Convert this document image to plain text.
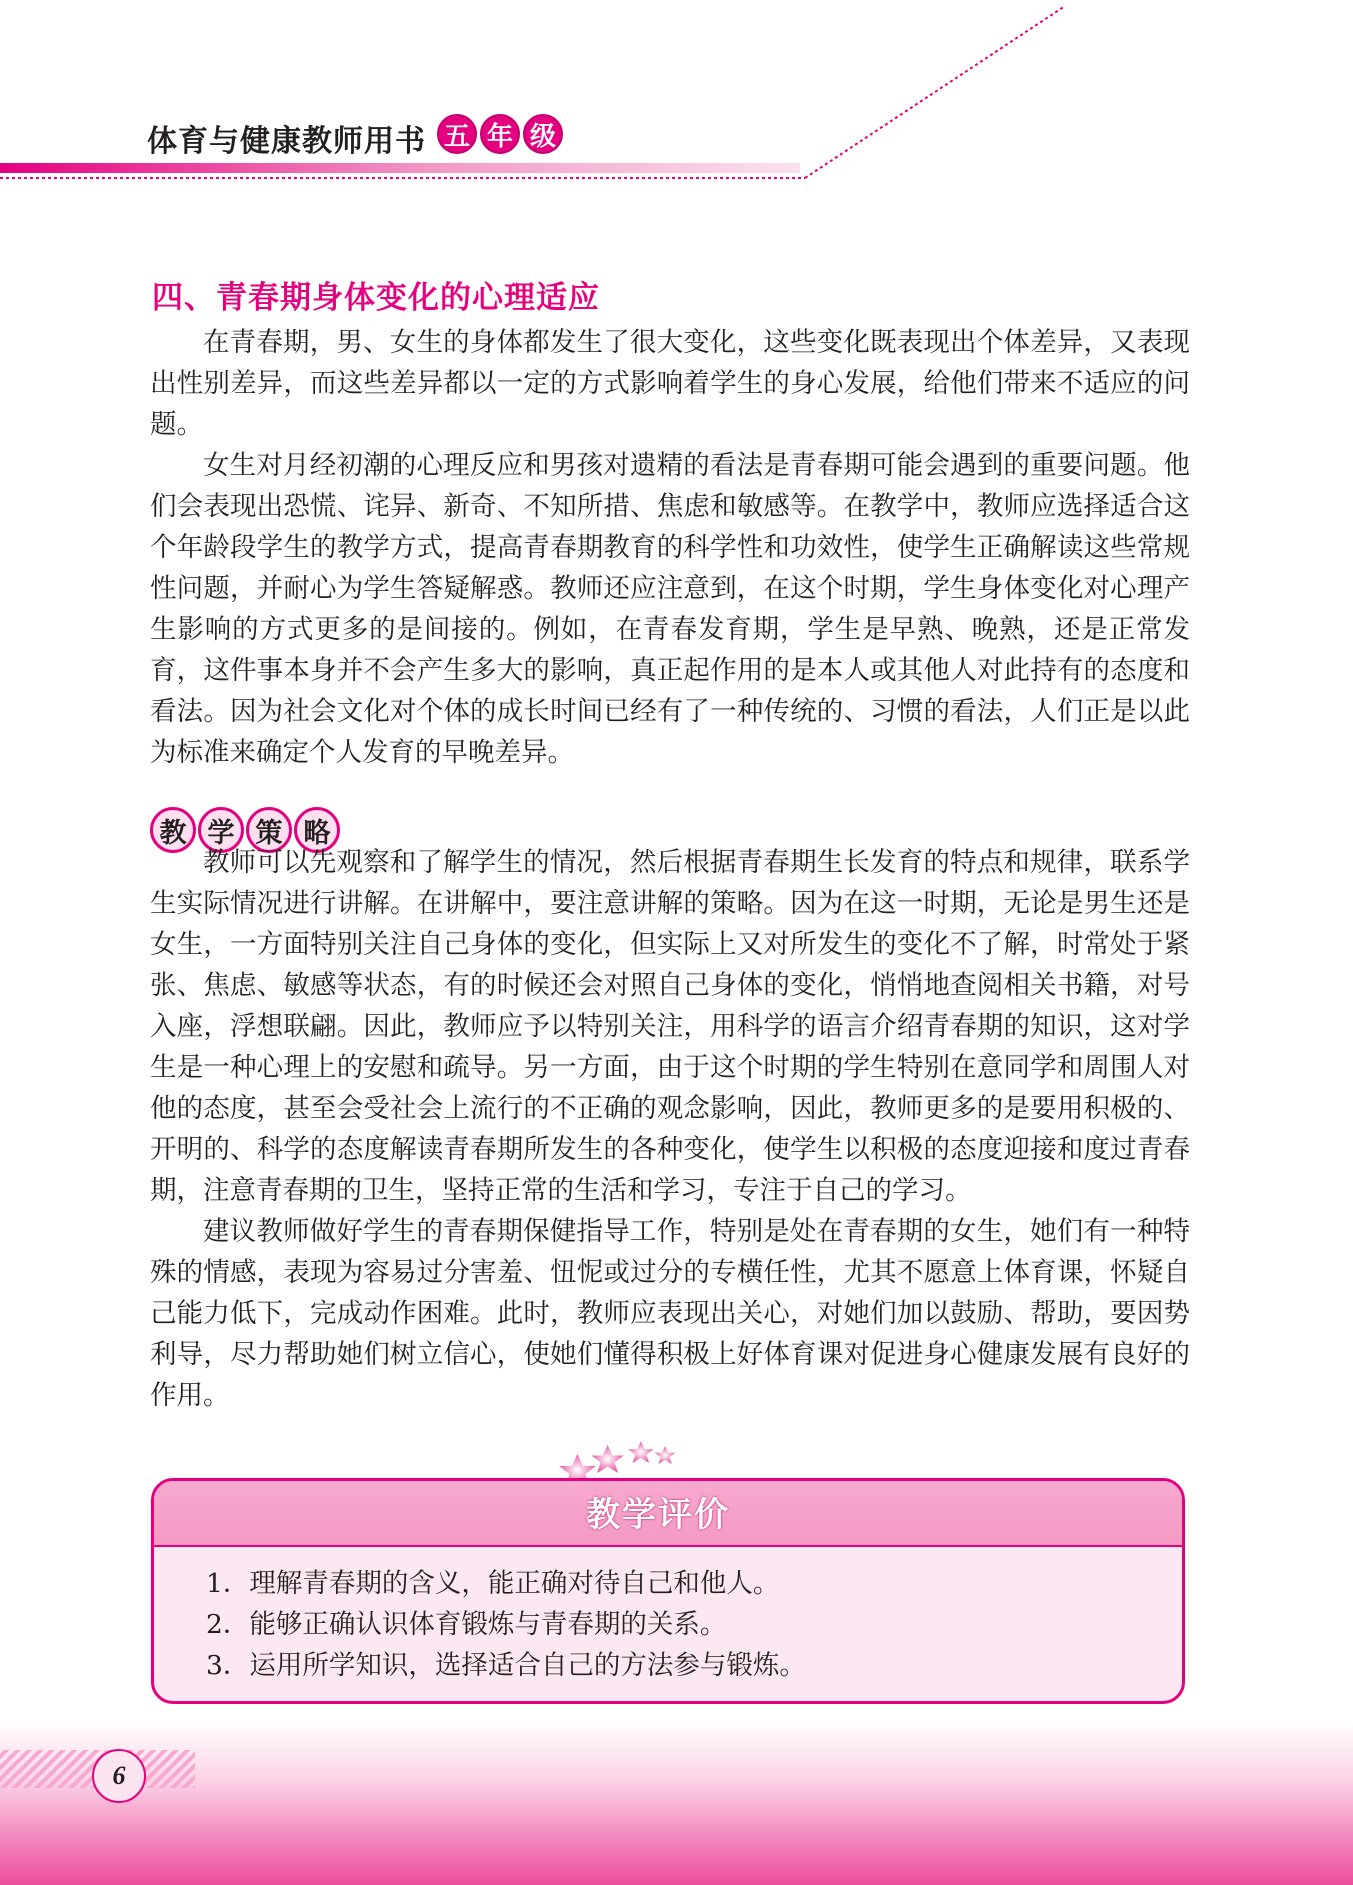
体育与健康教师用书 五 年 级
四、青春期身体变化的心理适应

在青春期，男、女生的身体都发生了很大变化，这些变化既表现出个体差异，又表现出性别差异，而这些差异都以一定的方式影响着学生的身心发展，给他们带来不适应的问题。

女生对月经初潮的心理反应和男孩对遗精的看法是青春期可能会遇到的重要问题。他们会表现出恐慌、诧异、新奇、不知所措、焦虑和敏感等。在教学中，教师应选择适合这个年龄段学生的教学方式，提高青春期教育的科学性和功效性，使学生正确解读这些常规性问题，并耐心为学生答疑解惑。教师还应注意到，在这个时期，学生身体变化对心理产生影响的方式更多的是间接的。例如，在青春发育期，学生是早熟、晚熟，还是正常发育，这件事本身并不会产生多大的影响，真正起作用的是本人或其他人对此持有的态度和看法。因为社会文化对个体的成长时间已经有了一种传统的、习惯的看法，人们正是以此为标准来确定个人发育的早晚差异。

教 学 策 略

教师可以先观察和了解学生的情况，然后根据青春期生长发育的特点和规律，联系学生实际情况进行讲解。在讲解中，要注意讲解的策略。因为在这一时期，无论是男生还是女生，一方面特别关注自己身体的变化，但实际上又对所发生的变化不了解，时常处于紧张、焦虑、敏感等状态，有的时候还会对照自己身体的变化，悄悄地查阅相关书籍，对号入座，浮想联翩。因此，教师应予以特别关注，用科学的语言介绍青春期的知识，这对学生是一种心理上的安慰和疏导。另一方面，由于这个时期的学生特别在意同学和周围人对他的态度，甚至会受社会上流行的不正确的观念影响，因此，教师更多的是要用积极的、开明的、科学的态度解读青春期所发生的各种变化，使学生以积极的态度迎接和度过青春期，注意青春期的卫生，坚持正常的生活和学习，专注于自己的学习。

建议教师做好学生的青春期保健指导工作，特别是处在青春期的女生，她们有一种特殊的情感，表现为容易过分害羞、忸怩或过分的专横任性，尤其不愿意上体育课，怀疑自己能力低下，完成动作困难。此时，教师应表现出关心，对她们加以鼓励、帮助，要因势利导，尽力帮助她们树立信心，使她们懂得积极上好体育课对促进身心健康发展有良好的作用。

教学评价
1．理解青春期的含义，能正确对待自己和他人。
2．能够正确认识体育锻炼与青春期的关系。
3．运用所学知识，选择适合自己的方法参与锻炼。
6
